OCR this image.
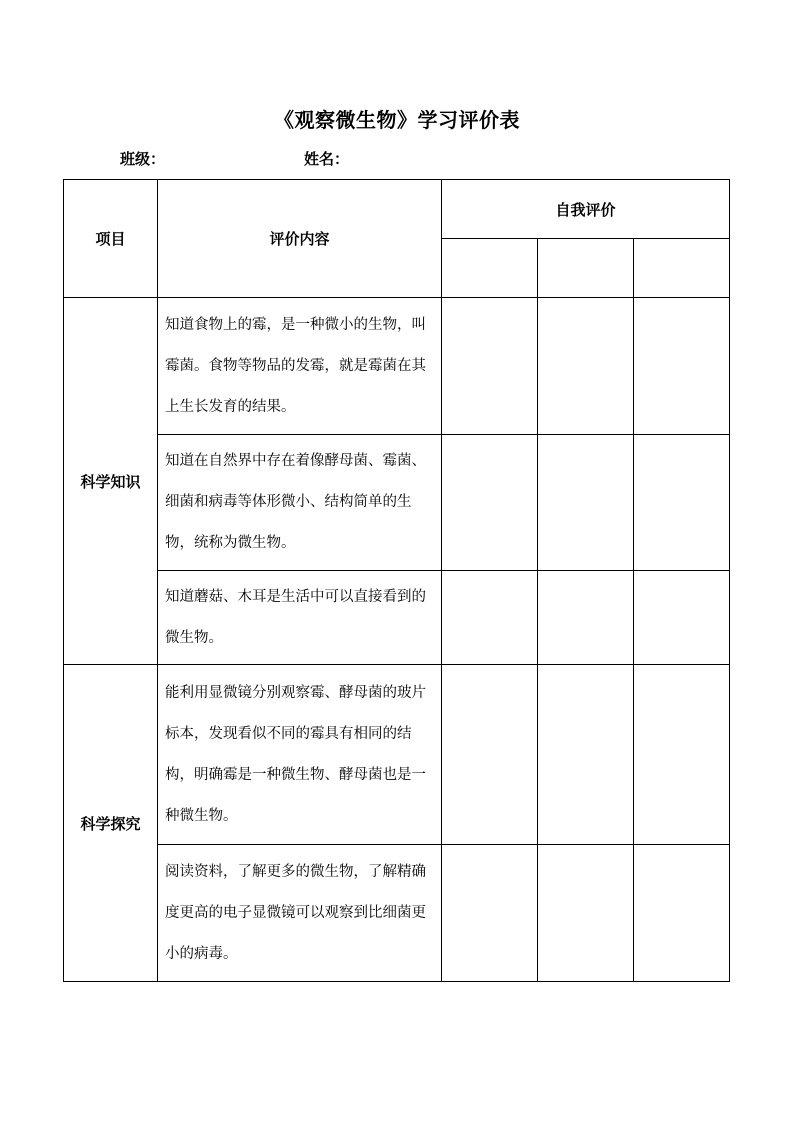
《观察微生物》学习评价表
班级：	姓名：
项目	评价内容	自我评价		

科学知识	知道食物上的霉，是一种微小的生物，叫霉菌。食物等物品的发霉，就是霉菌在其上生长发育的结果。			
	知道在自然界中存在着像酵母菌、霉菌、细菌和病毒等体形微小、结构简单的生物，统称为微生物。			
	知道蘑菇、木耳是生活中可以直接看到的微生物。			
科学探究	能利用显微镜分别观察霉、酵母菌的玻片标本，发现看似不同的霉具有相同的结构，明确霉是一种微生物、酵母菌也是一种微生物。			
	阅读资料，了解更多的微生物，了解精确度更高的电子显微镜可以观察到比细菌更小的病毒。			
